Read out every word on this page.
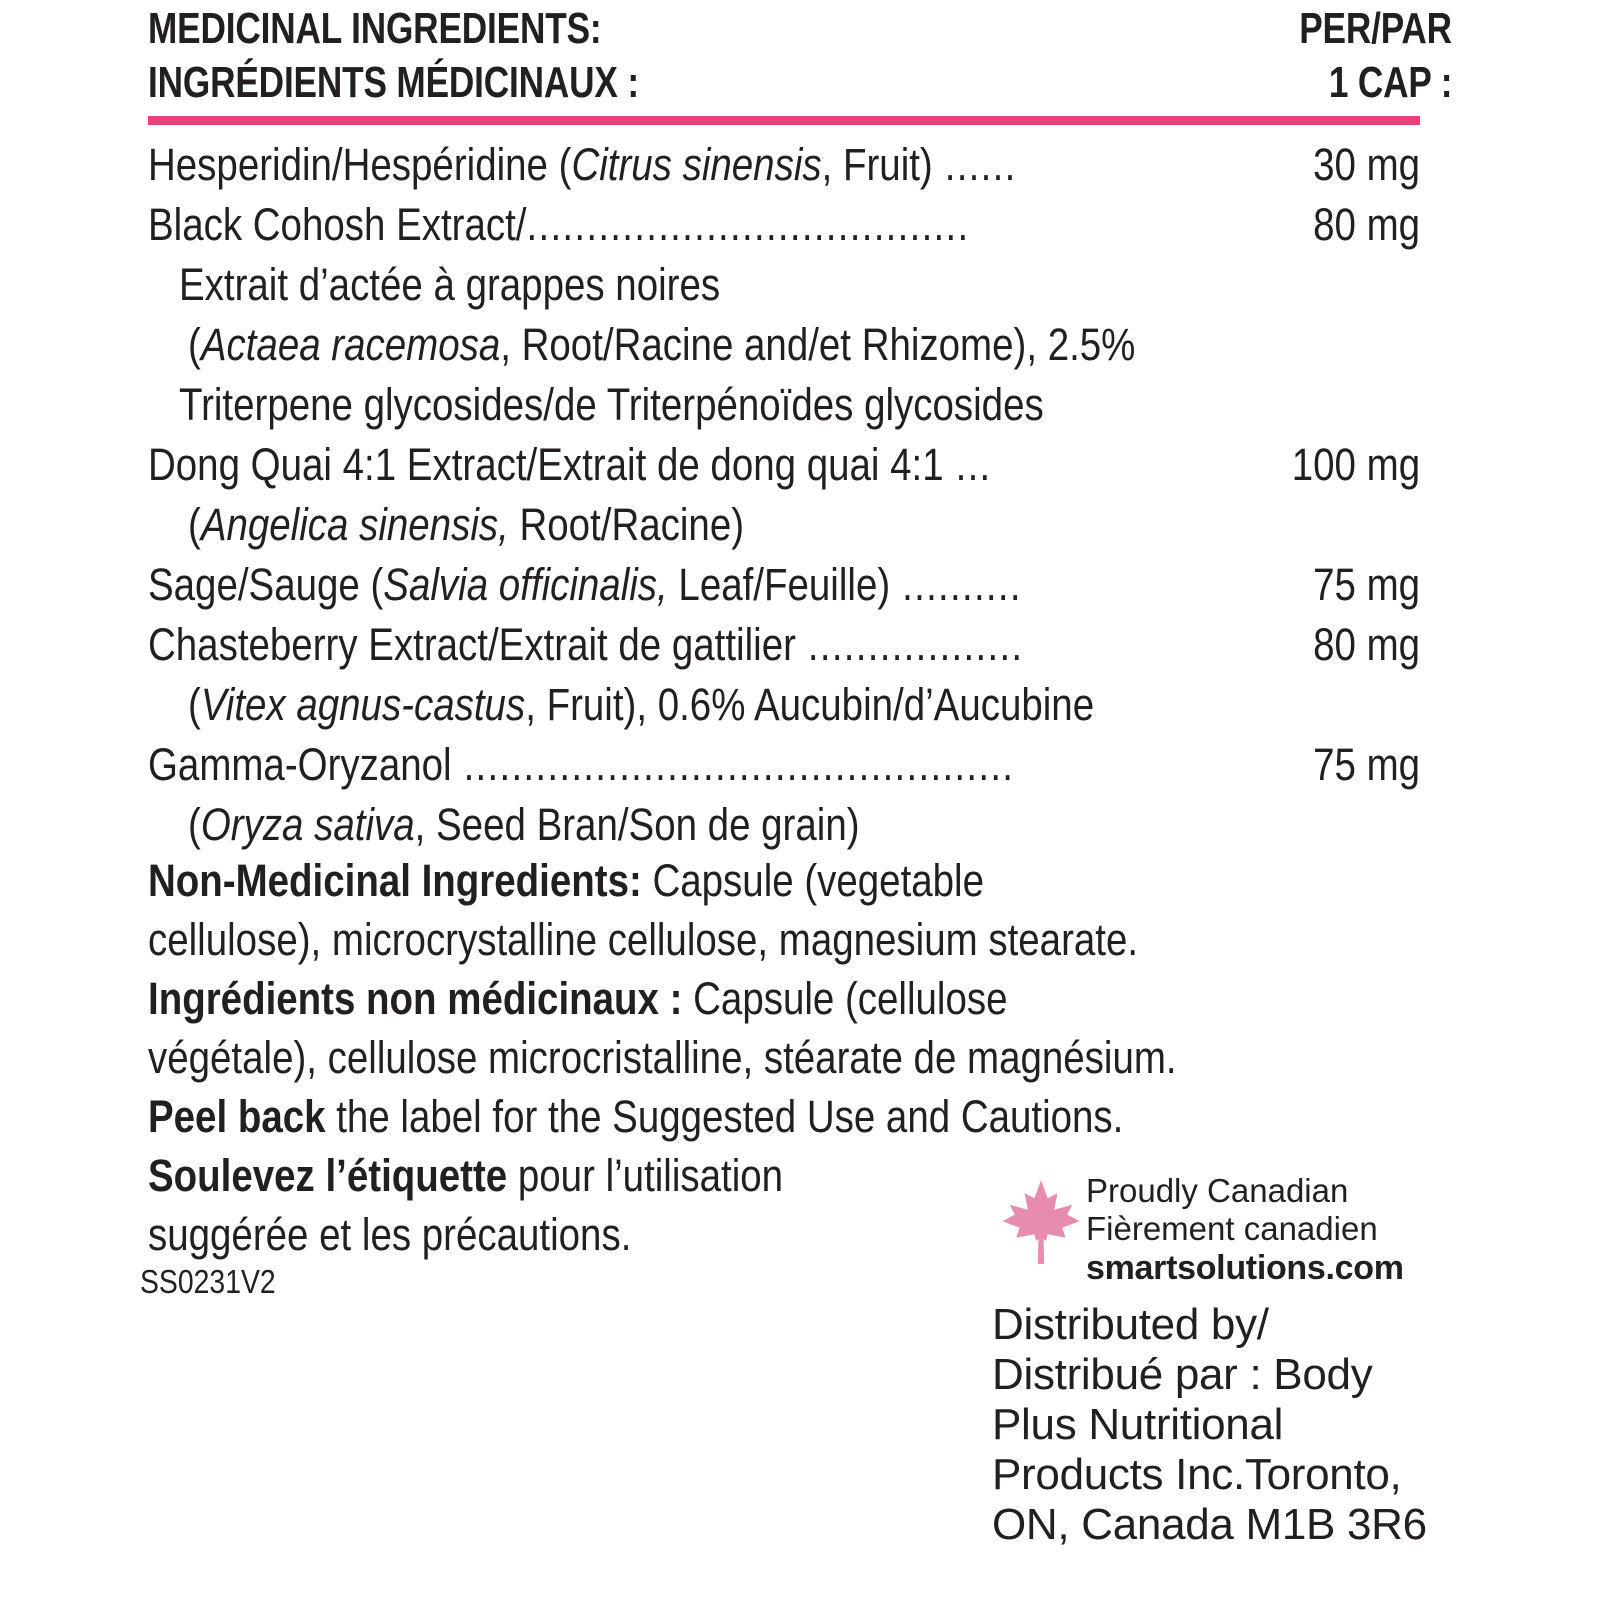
MEDICINAL INGREDIENTS:
INGRÉDIENTS MÉDICINAUX :
PER/PAR
1 CAP :
Hesperidin/Hespéridine (Citrus sinensis, Fruit) ......	30 mg
Black Cohosh Extract/.....................................	80 mg
Extrait d’actée à grappes noires
(Actaea racemosa, Root/Racine and/et Rhizome), 2.5%
Triterpene glycosides/de Triterpénoïdes glycosides
Dong Quai 4:1 Extract/Extrait de dong quai 4:1 ...	100 mg
(Angelica sinensis, Root/Racine)
Sage/Sauge (Salvia officinalis, Leaf/Feuille) ..........	75 mg
Chasteberry Extract/Extrait de gattilier ..................	80 mg
(Vitex agnus-castus, Fruit), 0.6% Aucubin/d’Aucubine
Gamma-Oryzanol ..............................................	75 mg
(Oryza sativa, Seed Bran/Son de grain)
Non-Medicinal Ingredients: Capsule (vegetable
cellulose), microcrystalline cellulose, magnesium stearate.
Ingrédients non médicinaux : Capsule (cellulose
végétale), cellulose microcristalline, stéarate de magnésium.
Peel back the label for the Suggested Use and Cautions.
Soulevez l’étiquette pour l’utilisation
suggérée et les précautions.
SS0231V2
Proudly Canadian
Fièrement canadien
smartsolutions.com
Distributed by/
Distribué par : Body
Plus Nutritional
Products Inc.Toronto,
ON, Canada M1B 3R6
